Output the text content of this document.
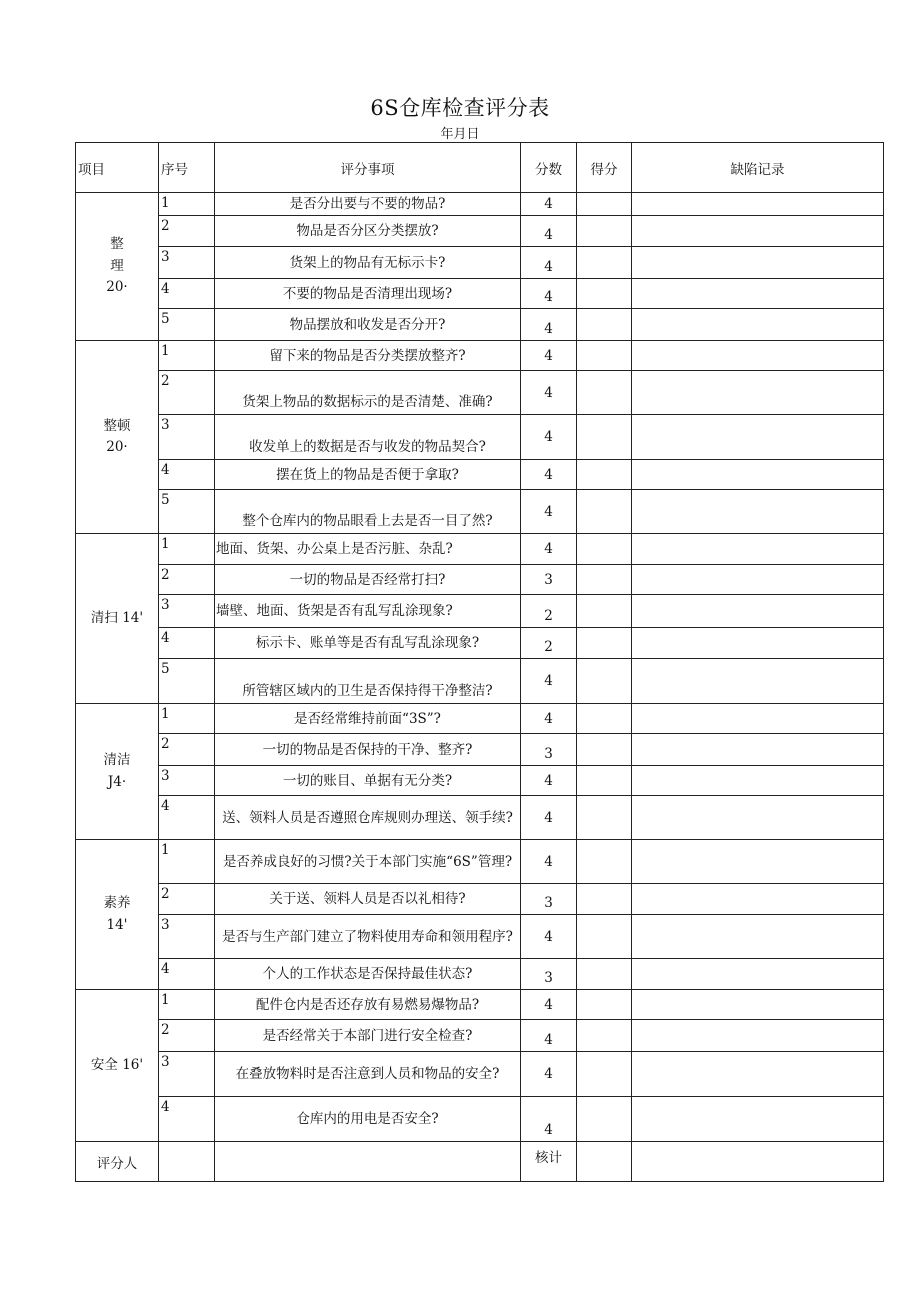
6S仓库检查评分表
年月日
项目	序号	评分事项	分数	得分	缺陷记录

整
理
20·	1	是否分出要与不要的物品?	4		
	2	物品是否分区分类摆放?	4		
	3	货架上的物品有无标示卡?	4		
	4	不要的物品是否清理出现场?	4		
	5	物品摆放和收发是否分开?	4		

整顿
20·	1	留下来的物品是否分类摆放整齐?	4		
	2	货架上物品的数据标示的是否清楚、准确?	4		
	3	收发单上的数据是否与收发的物品契合?	4		
	4	摆在货上的物品是否便于拿取?	4		
	5	整个仓库内的物品眼看上去是否一目了然?	4		

清扫 14'	1	地面、货架、办公桌上是否污脏、杂乱?	4		
	2	一切的物品是否经常打扫?	3		
	3	墙壁、地面、货架是否有乱写乱涂现象?	2		
	4	标示卡、账单等是否有乱写乱涂现象?	2		
	5	所管辖区域内的卫生是否保持得干净整洁?	4		

清洁
J4·	1	是否经常维持前面“3S”?	4		
	2	一切的物品是否保持的干净、整齐?	3		
	3	一切的账目、单据有无分类?	4		
	4	送、领料人员是否遵照仓库规则办理送、领手续?	4		

素养
14'	1	是否养成良好的习惯?关于本部门实施“6S”管理?	4		
	2	关于送、领料人员是否以礼相待?	3		
	3	是否与生产部门建立了物料使用寿命和领用程序?	4		
	4	个人的工作状态是否保持最佳状态?	3		

安全 16'	1	配件仓内是否还存放有易燃易爆物品?	4		
	2	是否经常关于本部门进行安全检查?	4		
	3	在叠放物料时是否注意到人员和物品的安全?	4		
	4	仓库内的用电是否安全?	4		
评分人			核计		
